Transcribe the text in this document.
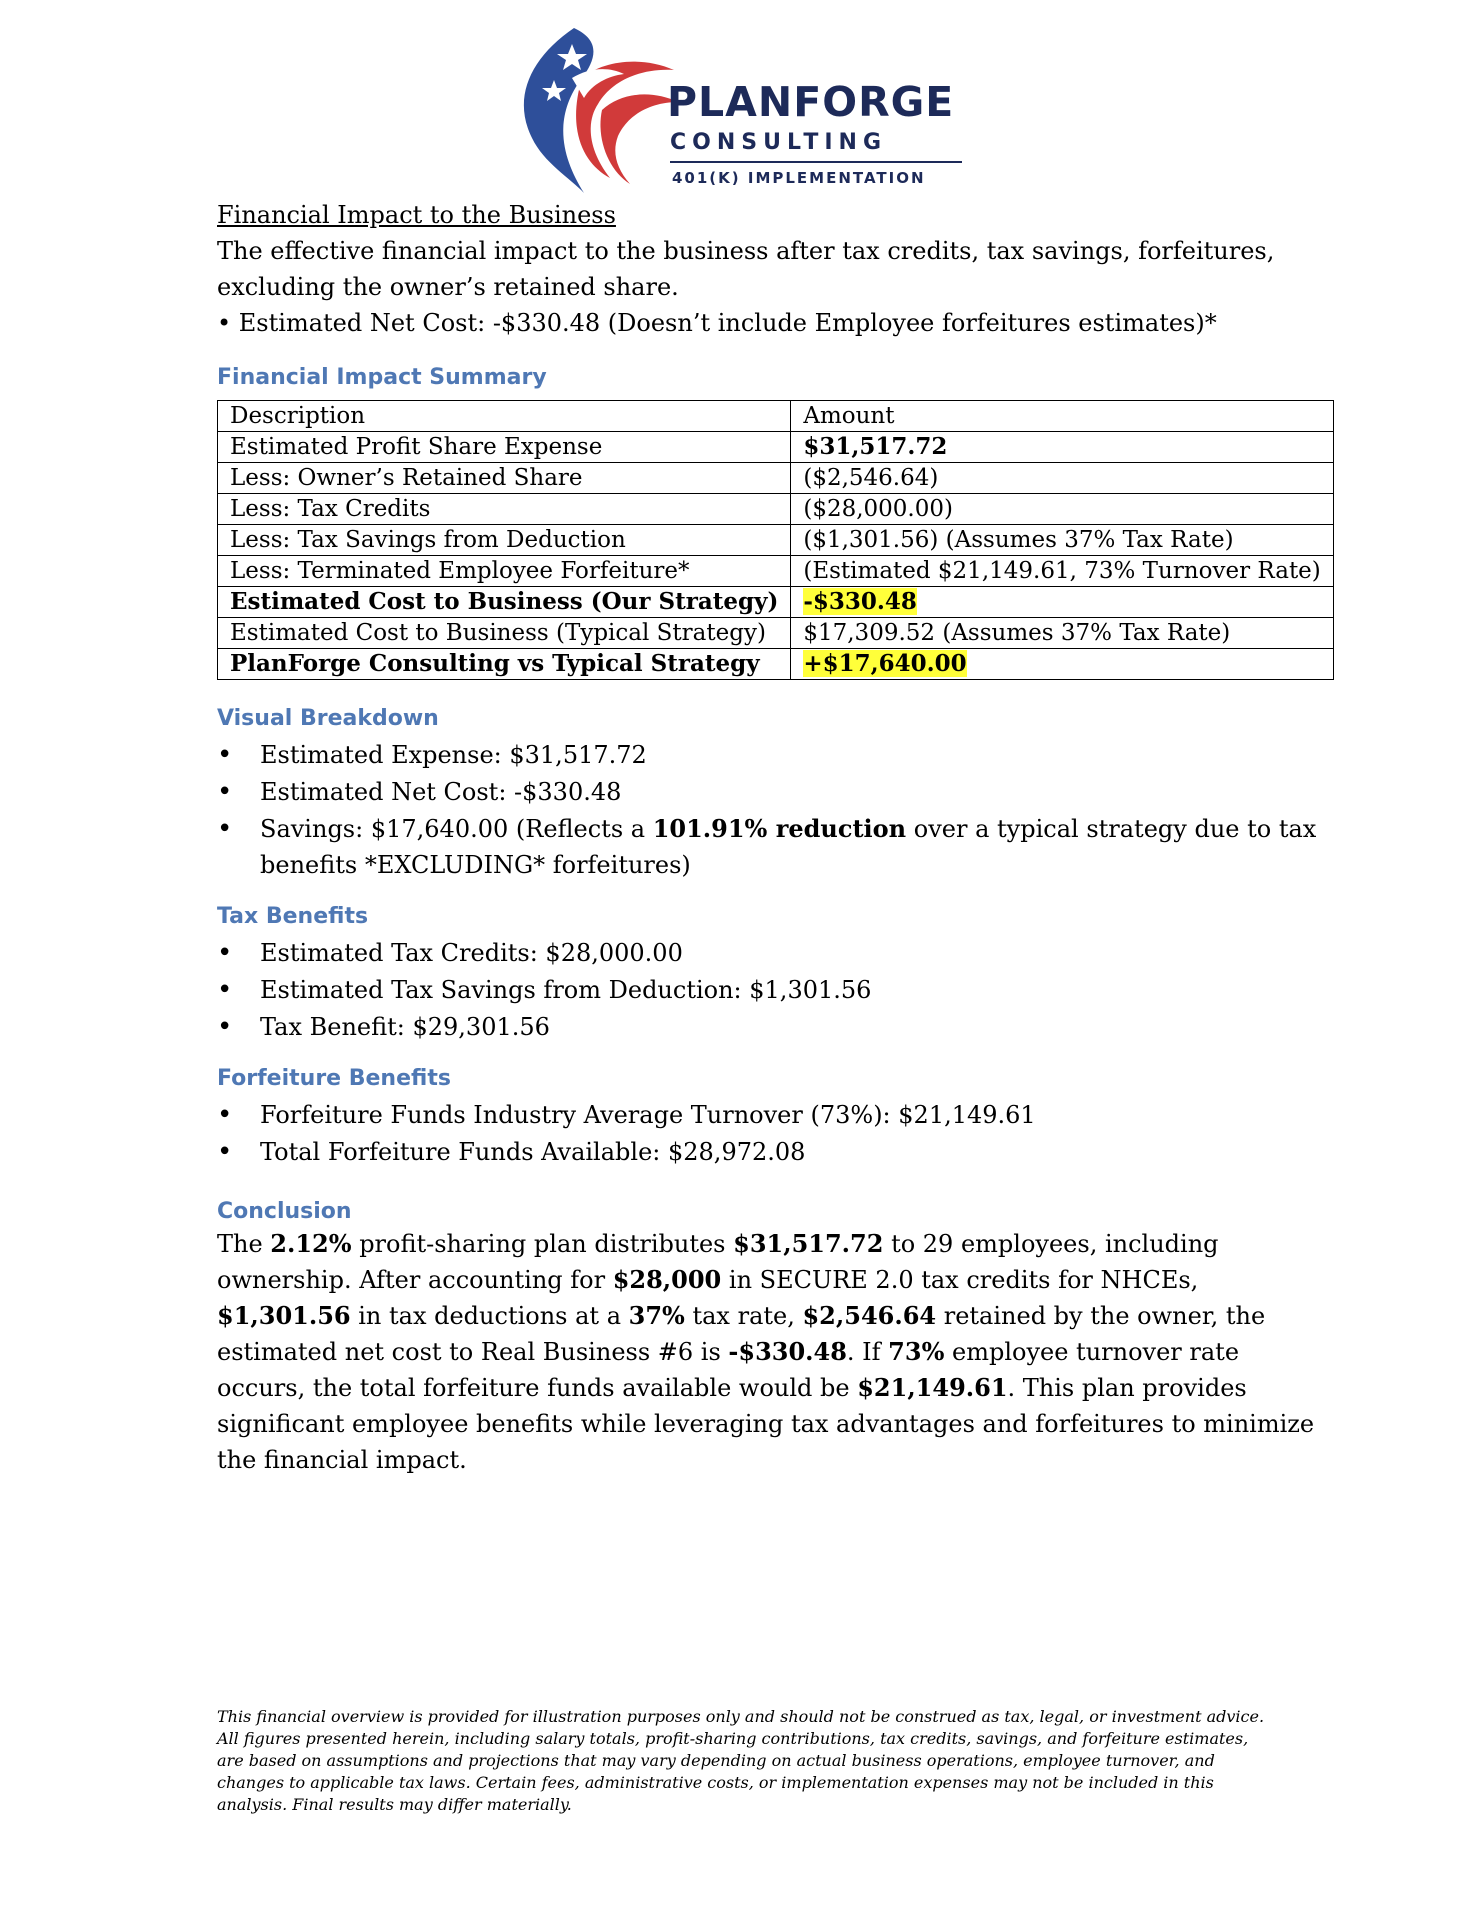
PLANFORGE
CONSULTING
401(K) IMPLEMENTATION

Financial Impact to the Business

The effective financial impact to the business after tax credits, tax savings, forfeitures, excluding the owner’s retained share.

• Estimated Net Cost: -$330.48 (Doesn’t include Employee forfeitures estimates)*

Financial Impact Summary

Description	Amount
Estimated Profit Share Expense	$31,517.72
Less: Owner’s Retained Share	($2,546.64)
Less: Tax Credits	($28,000.00)
Less: Tax Savings from Deduction	($1,301.56) (Assumes 37% Tax Rate)
Less: Terminated Employee Forfeiture*	(Estimated $21,149.61, 73% Turnover Rate)
Estimated Cost to Business (Our Strategy)	-$330.48
Estimated Cost to Business (Typical Strategy)	$17,309.52 (Assumes 37% Tax Rate)
PlanForge Consulting vs Typical Strategy	+$17,640.00

Visual Breakdown

• Estimated Expense: $31,517.72
• Estimated Net Cost: -$330.48
• Savings: $17,640.00 (Reflects a 101.91% reduction over a typical strategy due to tax benefits *EXCLUDING* forfeitures)

Tax Benefits

• Estimated Tax Credits: $28,000.00
• Estimated Tax Savings from Deduction: $1,301.56
• Tax Benefit: $29,301.56

Forfeiture Benefits

• Forfeiture Funds Industry Average Turnover (73%): $21,149.61
• Total Forfeiture Funds Available: $28,972.08

Conclusion

The 2.12% profit-sharing plan distributes $31,517.72 to 29 employees, including ownership. After accounting for $28,000 in SECURE 2.0 tax credits for NHCEs, $1,301.56 in tax deductions at a 37% tax rate, $2,546.64 retained by the owner, the estimated net cost to Real Business #6 is -$330.48. If 73% employee turnover rate occurs, the total forfeiture funds available would be $21,149.61. This plan provides significant employee benefits while leveraging tax advantages and forfeitures to minimize the financial impact.

This financial overview is provided for illustration purposes only and should not be construed as tax, legal, or investment advice. All figures presented herein, including salary totals, profit-sharing contributions, tax credits, savings, and forfeiture estimates, are based on assumptions and projections that may vary depending on actual business operations, employee turnover, and changes to applicable tax laws. Certain fees, administrative costs, or implementation expenses may not be included in this analysis. Final results may differ materially.
